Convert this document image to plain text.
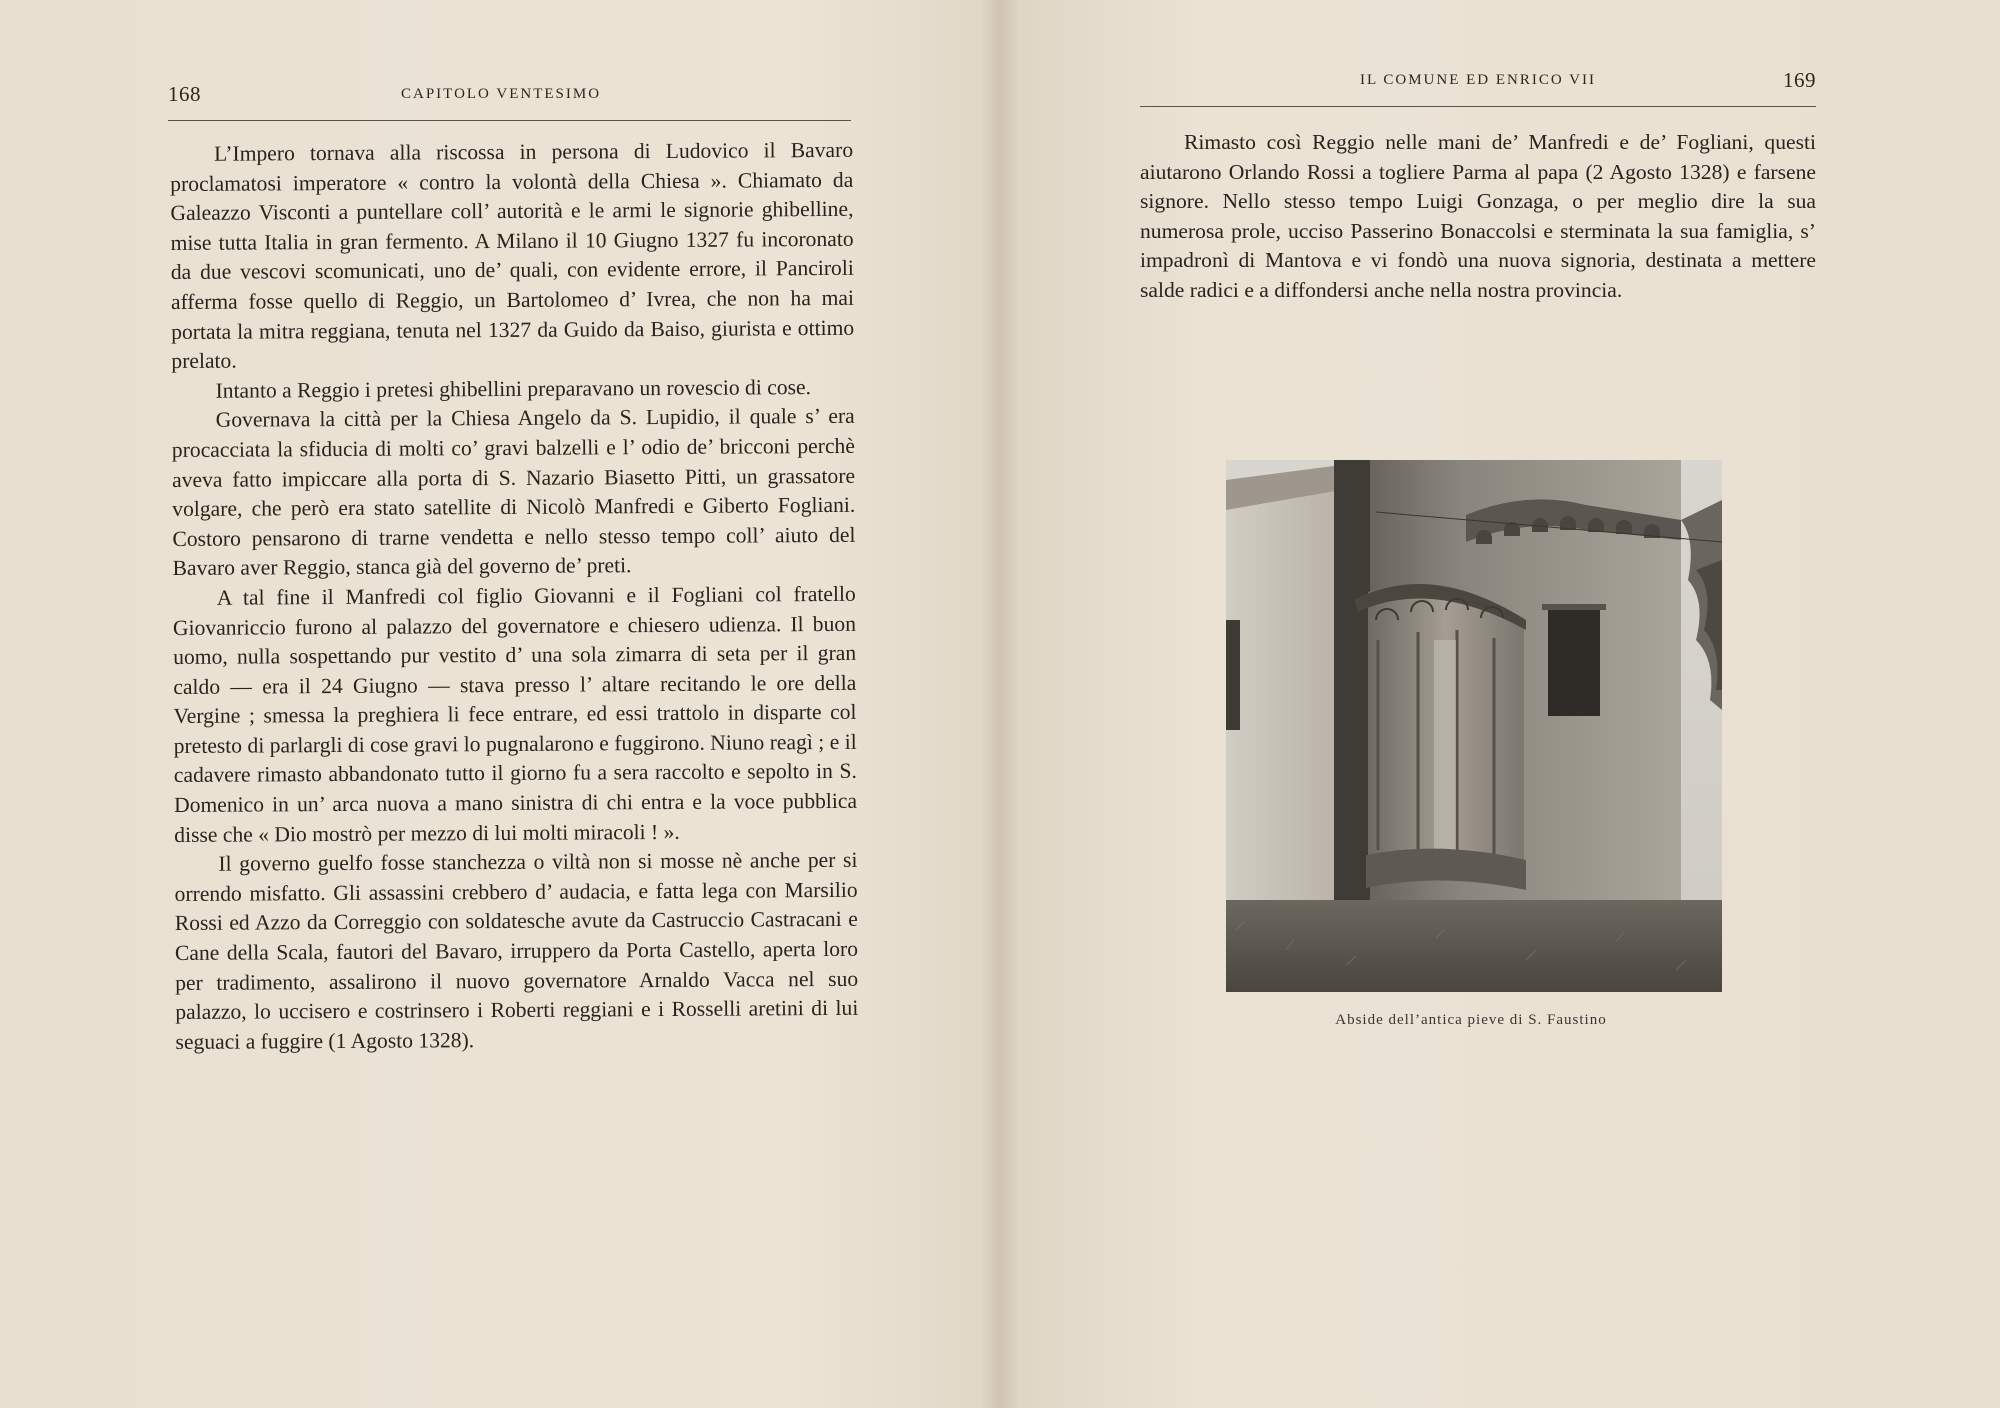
168	CAPITOLO VENTESIMO

L’Impero tornava alla riscossa in persona di Ludovico il Bavaro proclamatosi imperatore « contro la volontà della Chiesa ». Chiamato da Galeazzo Visconti a puntellare coll’ autorità e le armi le signorie ghibelline, mise tutta Italia in gran fermento. A Milano il 10 Giugno 1327 fu incoronato da due vescovi scomunicati, uno de’ quali, con evidente errore, il Panciroli afferma fosse quello di Reggio, un Bartolomeo d’ Ivrea, che non ha mai portata la mitra reggiana, tenuta nel 1327 da Guido da Baiso, giurista e ottimo prelato.

Intanto a Reggio i pretesi ghibellini preparavano un rovescio di cose.

Governava la città per la Chiesa Angelo da S. Lupidio, il quale s’ era procacciata la sfiducia di molti co’ gravi balzelli e l’ odio de’ bricconi perchè aveva fatto impiccare alla porta di S. Nazario Biasetto Pitti, un grassatore volgare, che però era stato satellite di Nicolò Manfredi e Giberto Fogliani. Costoro pensarono di trarne vendetta e nello stesso tempo coll’ aiuto del Bavaro aver Reggio, stanca già del governo de’ preti.

A tal fine il Manfredi col figlio Giovanni e il Fogliani col fratello Giovanriccio furono al palazzo del governatore e chiesero udienza. Il buon uomo, nulla sospettando pur vestito d’ una sola zimarra di seta per il gran caldo — era il 24 Giugno — stava presso l’ altare recitando le ore della Vergine ; smessa la preghiera li fece entrare, ed essi trattolo in disparte col pretesto di parlargli di cose gravi lo pugnalarono e fuggirono. Niuno reagì ; e il cadavere rimasto abbandonato tutto il giorno fu a sera raccolto e sepolto in S. Domenico in un’ arca nuova a mano sinistra di chi entra e la voce pubblica disse che « Dio mostrò per mezzo di lui molti miracoli ! ».

Il governo guelfo fosse stanchezza o viltà non si mosse nè anche per si orrendo misfatto. Gli assassini crebbero d’ audacia, e fatta lega con Marsilio Rossi ed Azzo da Correggio con soldatesche avute da Castruccio Castracani e Cane della Scala, fautori del Bavaro, irruppero da Porta Castello, aperta loro per tradimento, assalirono il nuovo governatore Arnaldo Vacca nel suo palazzo, lo uccisero e costrinsero i Roberti reggiani e i Rosselli aretini di lui seguaci a fuggire (1 Agosto 1328).

IL COMUNE ED ENRICO VII	169

Rimasto così Reggio nelle mani de’ Manfredi e de’ Fogliani, questi aiutarono Orlando Rossi a togliere Parma al papa (2 Agosto 1328) e farsene signore. Nello stesso tempo Luigi Gonzaga, o per meglio dire la sua numerosa prole, ucciso Passerino Bonaccolsi e sterminata la sua famiglia, s’ impadronì di Mantova e vi fondò una nuova signoria, destinata a mettere salde radici e a diffondersi anche nella nostra provincia.

Abside dell’antica pieve di S. Faustino
